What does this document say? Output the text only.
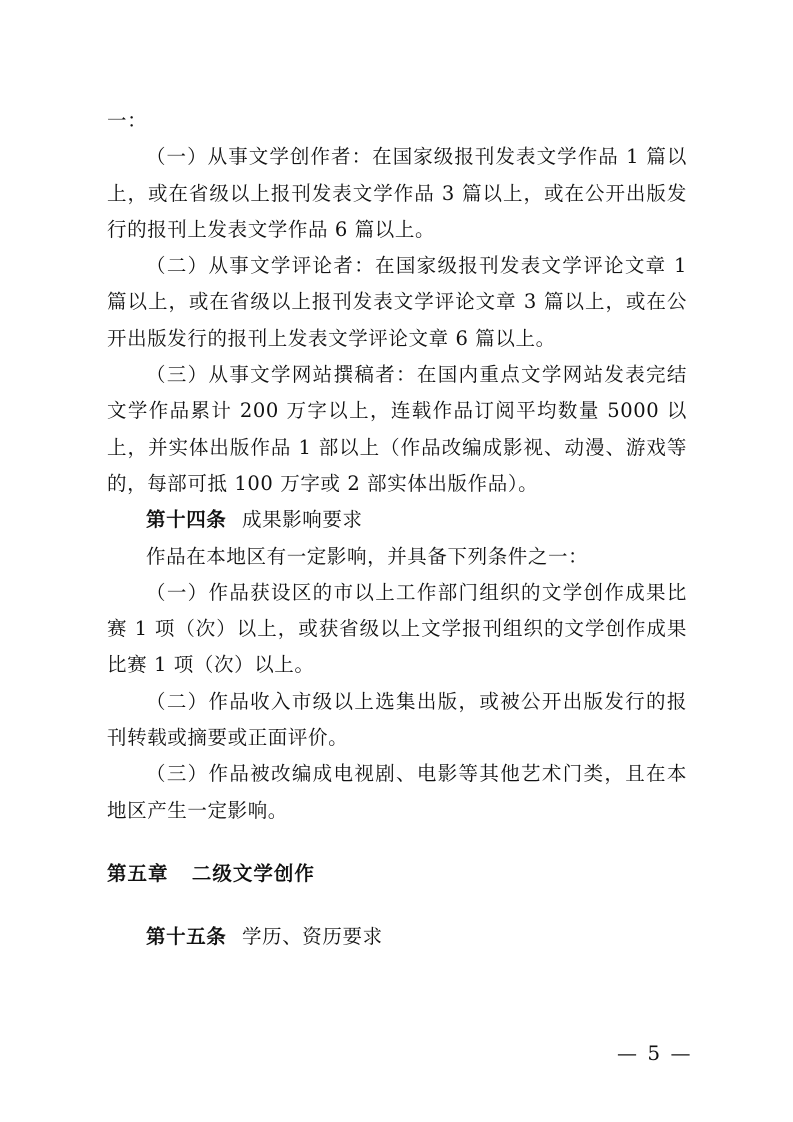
一：

（一）从事文学创作者：在国家级报刊发表文学作品 1 篇以上，或在省级以上报刊发表文学作品 3 篇以上，或在公开出版发行的报刊上发表文学作品 6 篇以上。

（二）从事文学评论者：在国家级报刊发表文学评论文章 1 篇以上，或在省级以上报刊发表文学评论文章 3 篇以上，或在公开出版发行的报刊上发表文学评论文章 6 篇以上。

（三）从事文学网站撰稿者：在国内重点文学网站发表完结文学作品累计 200 万字以上，连载作品订阅平均数量 5000 以上，并实体出版作品 1 部以上（作品改编成影视、动漫、游戏等的，每部可抵 100 万字或 2 部实体出版作品）。

第十四条 成果影响要求

作品在本地区有一定影响，并具备下列条件之一：

（一）作品获设区的市以上工作部门组织的文学创作成果比赛 1 项（次）以上，或获省级以上文学报刊组织的文学创作成果比赛 1 项（次）以上。

（二）作品收入市级以上选集出版，或被公开出版发行的报刊转载或摘要或正面评价。

（三）作品被改编成电视剧、电影等其他艺术门类，且在本地区产生一定影响。

第五章 二级文学创作

第十五条 学历、资历要求

— 5 —
